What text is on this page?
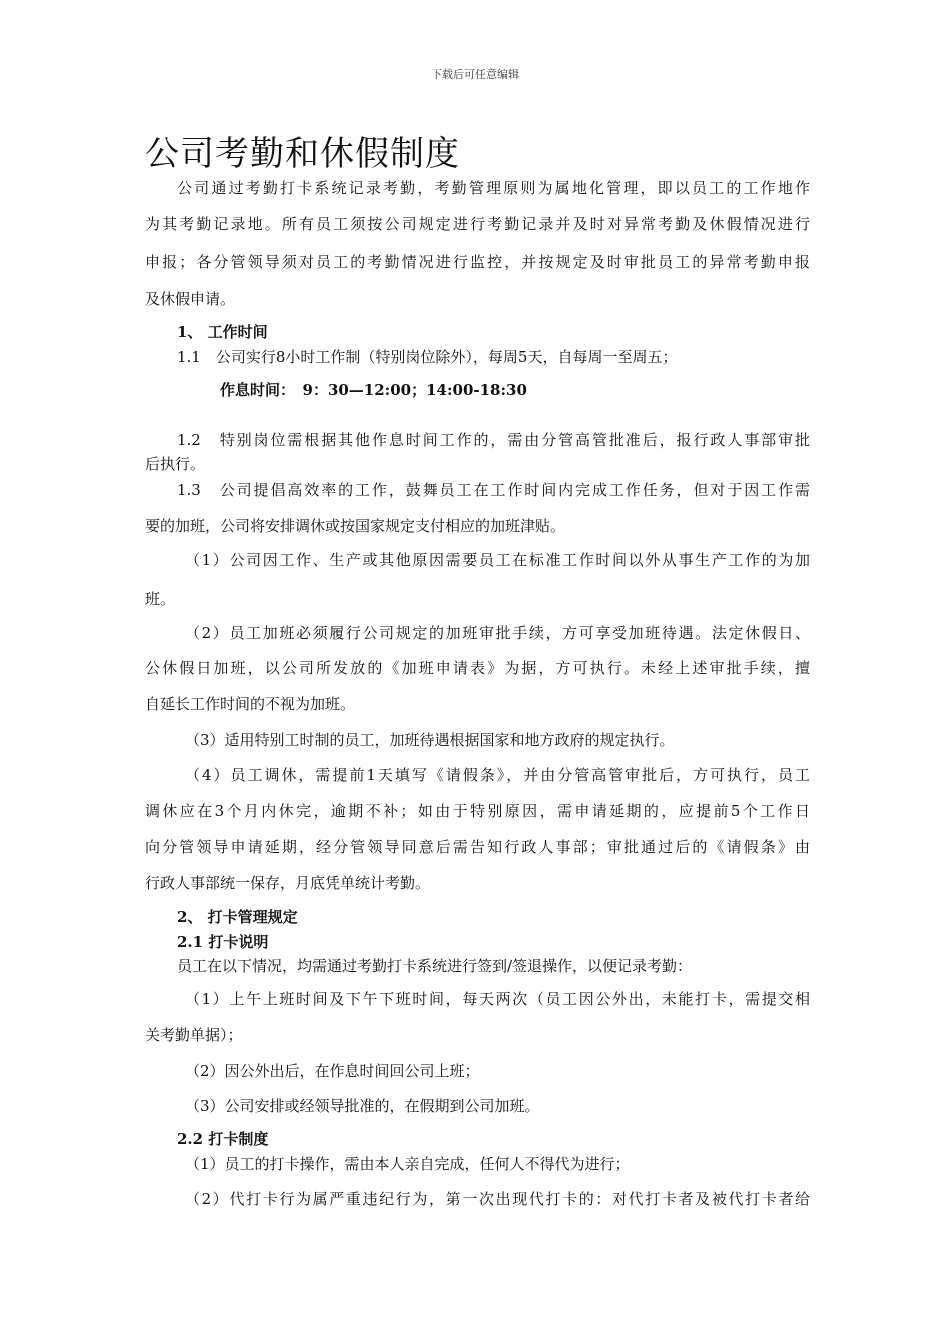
下载后可任意编辑
公司考勤和休假制度
公司通过考勤打卡系统记录考勤，考勤管理原则为属地化管理，即以员工的工作地作
为其考勤记录地。所有员工须按公司规定进行考勤记录并及时对异常考勤及休假情况进行
申报；各分管领导须对员工的考勤情况进行监控，并按规定及时审批员工的异常考勤申报
及休假申请。
1、 工作时间
1.1　公司实行8小时工作制（特别岗位除外），每周5天，自每周一至周五；
作息时间：　9：30—12:00；14:00-18:30
1.2　特别岗位需根据其他作息时间工作的，需由分管高管批准后，报行政人事部审批
后执行。
1.3　公司提倡高效率的工作，鼓舞员工在工作时间内完成工作任务，但对于因工作需
要的加班，公司将安排调休或按国家规定支付相应的加班津贴。
（1）公司因工作、生产或其他原因需要员工在标准工作时间以外从事生产工作的为加
班。
（2）员工加班必须履行公司规定的加班审批手续，方可享受加班待遇。法定休假日、
公休假日加班，以公司所发放的《加班申请表》为据，方可执行。未经上述审批手续，擅
自延长工作时间的不视为加班。
（3）适用特别工时制的员工，加班待遇根据国家和地方政府的规定执行。
（4）员工调休，需提前1天填写《请假条》，并由分管高管审批后，方可执行，员工
调休应在3个月内休完，逾期不补；如由于特别原因，需申请延期的，应提前5个工作日
向分管领导申请延期，经分管领导同意后需告知行政人事部；审批通过后的《请假条》由
行政人事部统一保存，月底凭单统计考勤。
2、 打卡管理规定
2.1 打卡说明
员工在以下情况，均需通过考勤打卡系统进行签到/签退操作，以便记录考勤：
（1）上午上班时间及下午下班时间，每天两次（员工因公外出，未能打卡，需提交相
关考勤单据）；
（2）因公外出后，在作息时间回公司上班；
（3）公司安排或经领导批准的，在假期到公司加班。
2.2 打卡制度
（1）员工的打卡操作，需由本人亲自完成，任何人不得代为进行；
（2）代打卡行为属严重违纪行为，第一次出现代打卡的：对代打卡者及被代打卡者给
